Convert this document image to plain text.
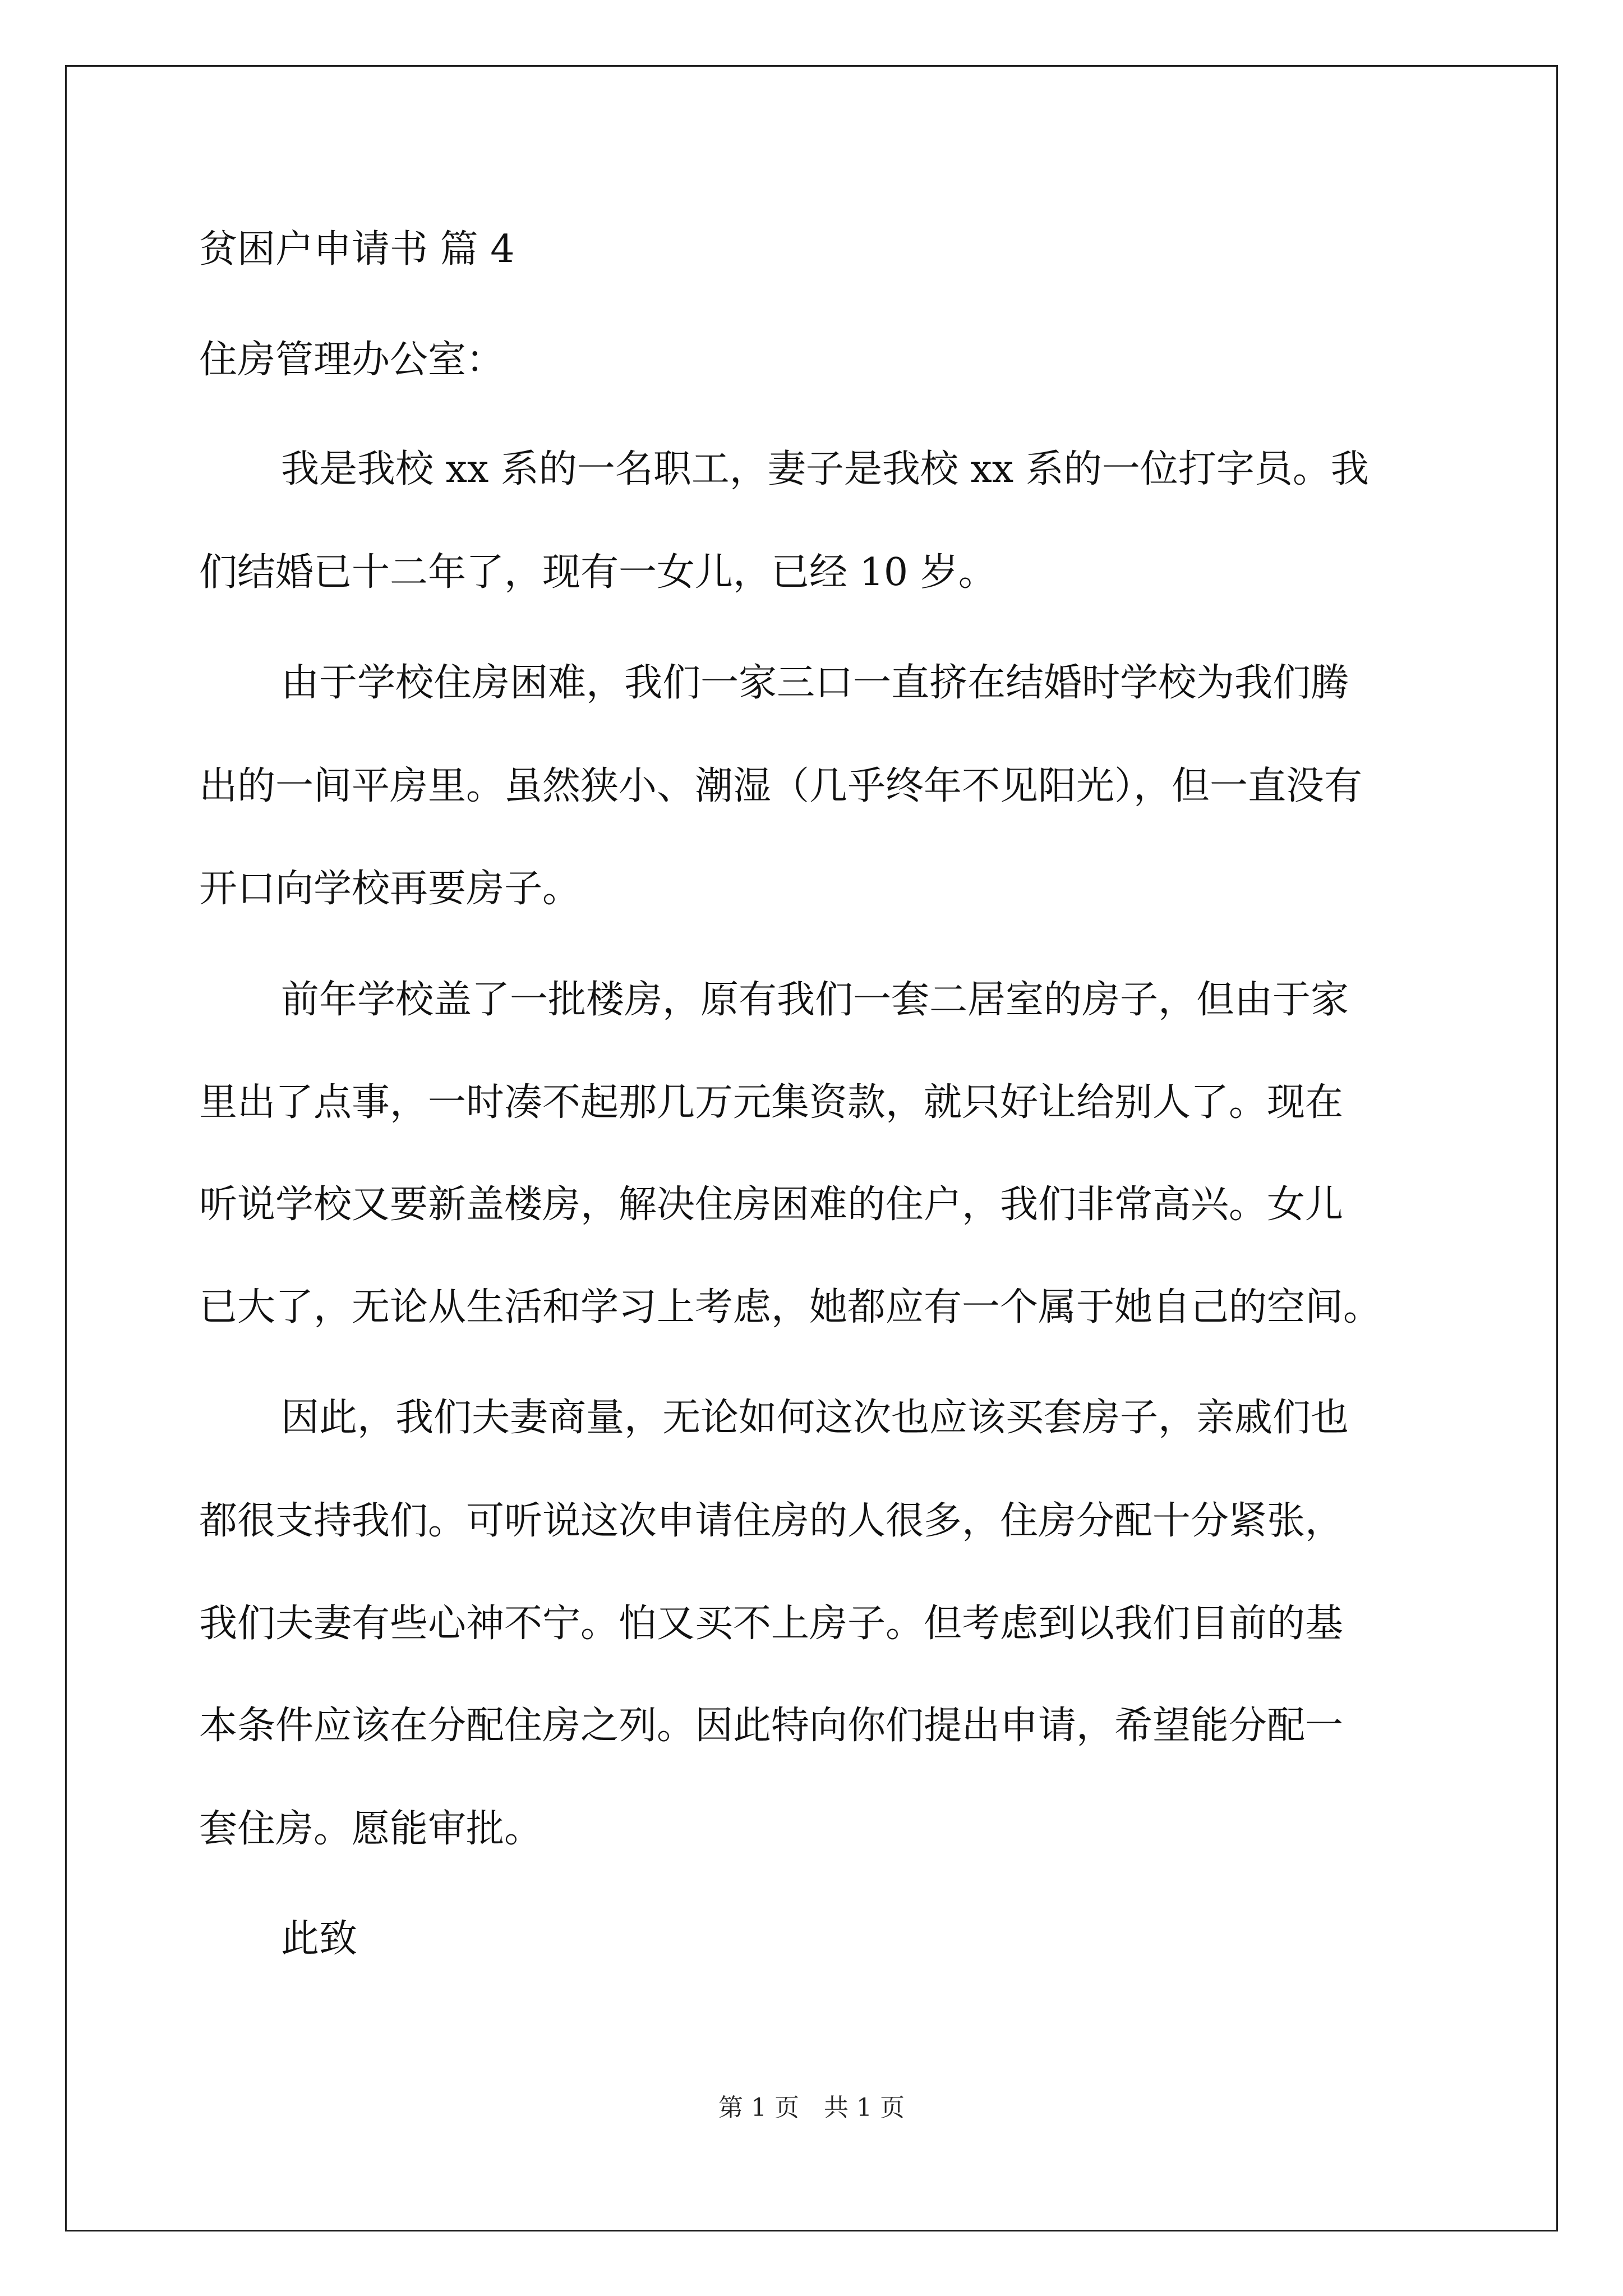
贫困户申请书 篇 4
住房管理办公室：
我是我校 xx 系的一名职工，妻子是我校 xx 系的一位打字员。我
们结婚已十二年了，现有一女儿，已经 10 岁。
由于学校住房困难，我们一家三口一直挤在结婚时学校为我们腾
出的一间平房里。虽然狭小、潮湿（几乎终年不见阳光），但一直没有
开口向学校再要房子。
前年学校盖了一批楼房，原有我们一套二居室的房子，但由于家
里出了点事，一时凑不起那几万元集资款，就只好让给别人了。现在
听说学校又要新盖楼房，解决住房困难的住户，我们非常高兴。女儿
已大了，无论从生活和学习上考虑，她都应有一个属于她自己的空间。
因此，我们夫妻商量，无论如何这次也应该买套房子，亲戚们也
都很支持我们。可听说这次申请住房的人很多，住房分配十分紧张，
我们夫妻有些心神不宁。怕又买不上房子。但考虑到以我们目前的基
本条件应该在分配住房之列。因此特向你们提出申请，希望能分配一
套住房。愿能审批。
此致
第 1 页　共 1 页
